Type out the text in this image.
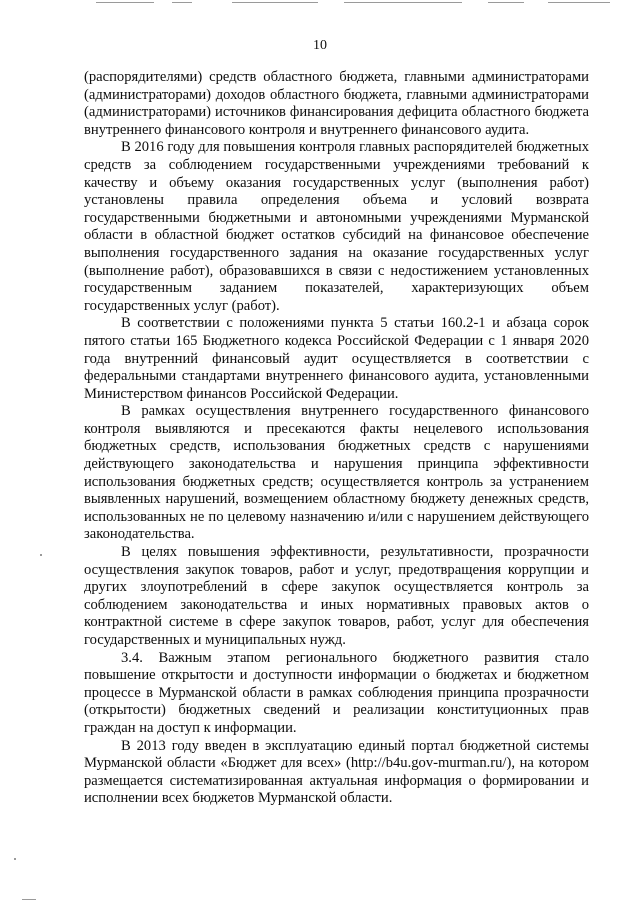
10

(распорядителями) средств областного бюджета, главными администраторами (администраторами) доходов областного бюджета, главными администраторами (администраторами) источников финансирования дефицита областного бюджета внутреннего финансового контроля и внутреннего финансового аудита.

В 2016 году для повышения контроля главных распорядителей бюджетных средств за соблюдением государственными учреждениями требований к качеству и объему оказания государственных услуг (выполнения работ) установлены правила определения объема и условий возврата государственными бюджетными и автономными учреждениями Мурманской области в областной бюджет остатков субсидий на финансовое обеспечение выполнения государственного задания на оказание государственных услуг (выполнение работ), образовавшихся в связи с недостижением установленных государственным заданием показателей, характеризующих объем государственных услуг (работ).

В соответствии с положениями пункта 5 статьи 160.2-1 и абзаца сорок пятого статьи 165 Бюджетного кодекса Российской Федерации с 1 января 2020 года внутренний финансовый аудит осуществляется в соответствии с федеральными стандартами внутреннего финансового аудита, установленными Министерством финансов Российской Федерации.

В рамках осуществления внутреннего государственного финансового контроля выявляются и пресекаются факты нецелевого использования бюджетных средств, использования бюджетных средств с нарушениями действующего законодательства и нарушения принципа эффективности использования бюджетных средств; осуществляется контроль за устранением выявленных нарушений, возмещением областному бюджету денежных средств, использованных не по целевому назначению и/или с нарушением действующего законодательства.

В целях повышения эффективности, результативности, прозрачности осуществления закупок товаров, работ и услуг, предотвращения коррупции и других злоупотреблений в сфере закупок осуществляется контроль за соблюдением законодательства и иных нормативных правовых актов о контрактной системе в сфере закупок товаров, работ, услуг для обеспечения государственных и муниципальных нужд.

3.4. Важным этапом регионального бюджетного развития стало повышение открытости и доступности информации о бюджетах и бюджетном процессе в Мурманской области в рамках соблюдения принципа прозрачности (открытости) бюджетных сведений и реализации конституционных прав граждан на доступ к информации.

В 2013 году введен в эксплуатацию единый портал бюджетной системы Мурманской области «Бюджет для всех» (http://b4u.gov-murman.ru/), на котором размещается систематизированная актуальная информация о формировании и исполнении всех бюджетов Мурманской области.
